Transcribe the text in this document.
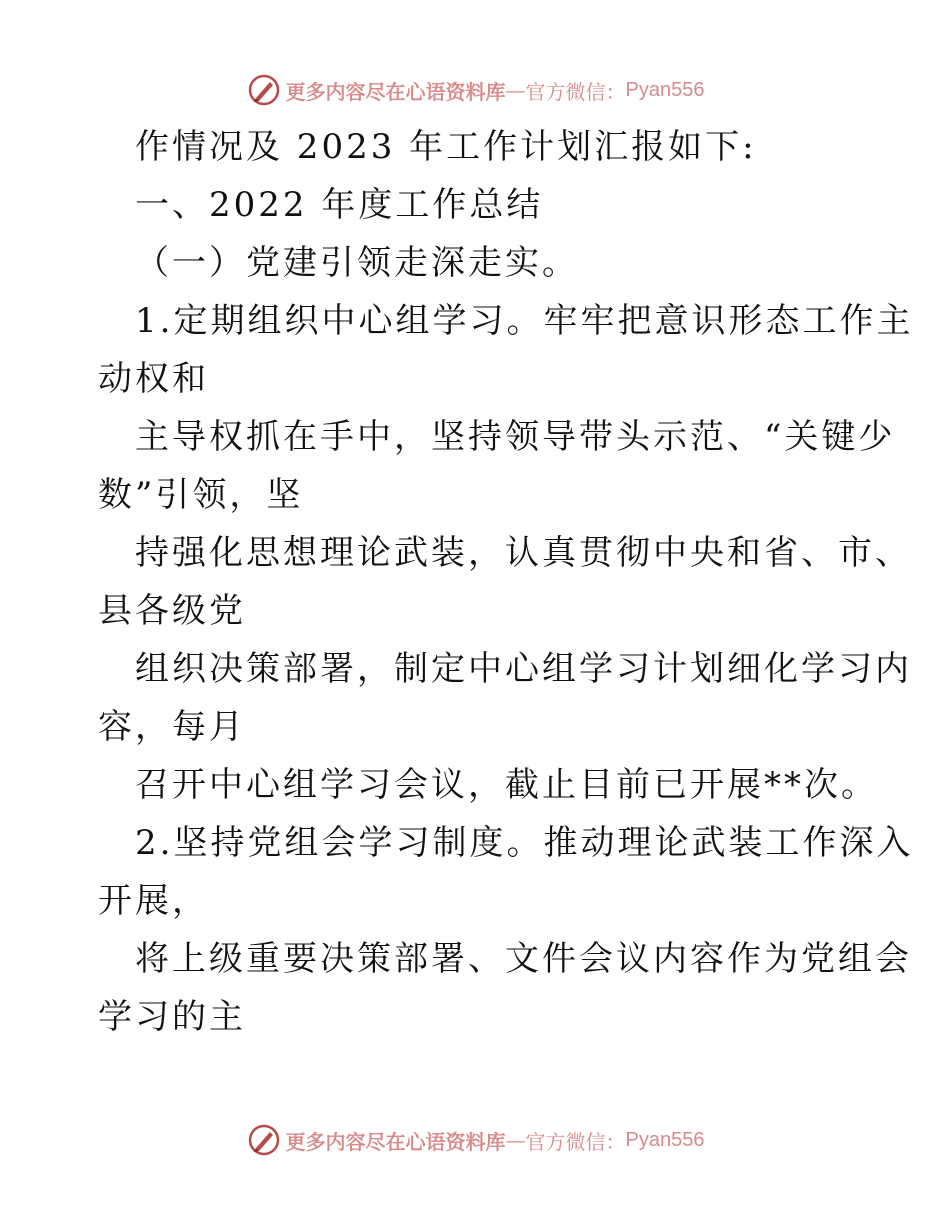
更多内容尽在心语资料库 — 官方微信： Pyan556
作情况及 2023 年工作计划汇报如下:
一、2022 年度工作总结
（一）党建引领走深走实。
1.定期组织中心组学习。牢牢把意识形态工作主
动权和
主导权抓在手中，坚持领导带头示范、“关键少
数”引领，坚
持强化思想理论武装，认真贯彻中央和省、市、
县各级党
组织决策部署，制定中心组学习计划细化学习内
容，每月
召开中心组学习会议，截止目前已开展**次。
2.坚持党组会学习制度。推动理论武装工作深入
开展，
将上级重要决策部署、文件会议内容作为党组会
学习的主
更多内容尽在心语资料库 — 官方微信： Pyan556
